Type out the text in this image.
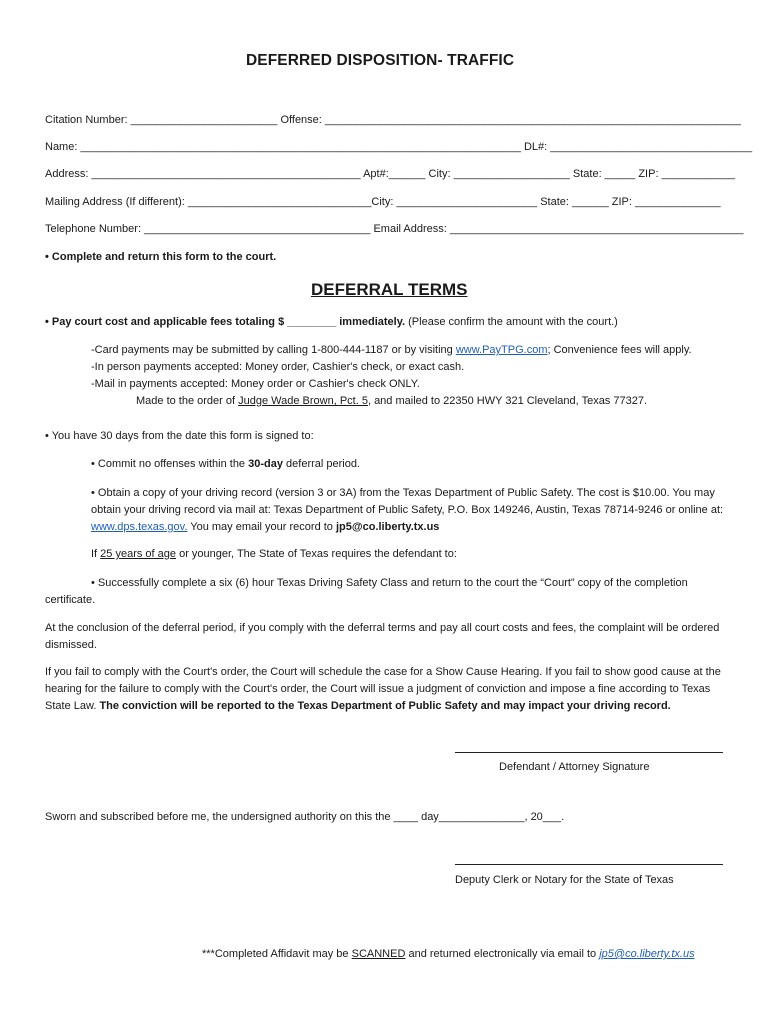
DEFERRED DISPOSITION- TRAFFIC
Citation Number: ________________________ Offense: ____________________________________________________________________
Name: ________________________________________________________________________ DL#: _________________________________
Address: ____________________________________________ Apt#:______ City: ___________________ State: _____ ZIP: ____________
Mailing Address (If different): ______________________________City: _______________________ State: ______ ZIP: ______________
Telephone Number: _____________________________________ Email Address: ________________________________________________
• Complete and return this form to the court.
DEFERRAL TERMS
• Pay court cost and applicable fees totaling $ ________ immediately. (Please confirm the amount with the court.)
-Card payments may be submitted by calling 1-800-444-1187 or by visiting www.PayTPG.com; Convenience fees will apply.
-In person payments accepted: Money order, Cashier's check, or exact cash.
-Mail in payments accepted: Money order or Cashier's check ONLY.
Made to the order of Judge Wade Brown, Pct. 5, and mailed to 22350 HWY 321 Cleveland, Texas 77327.
• You have 30 days from the date this form is signed to:
• Commit no offenses within the 30-day deferral period.
• Obtain a copy of your driving record (version 3 or 3A) from the Texas Department of Public Safety. The cost is $10.00. You may obtain your driving record via mail at: Texas Department of Public Safety, P.O. Box 149246, Austin, Texas 78714-9246 or online at: www.dps.texas.gov. You may email your record to jp5@co.liberty.tx.us
If 25 years of age or younger, The State of Texas requires the defendant to:
• Successfully complete a six (6) hour Texas Driving Safety Class and return to the court the “Court” copy of the completion certificate.
At the conclusion of the deferral period, if you comply with the deferral terms and pay all court costs and fees, the complaint will be ordered dismissed.
If you fail to comply with the Court's order, the Court will schedule the case for a Show Cause Hearing. If you fail to show good cause at the hearing for the failure to comply with the Court's order, the Court will issue a judgment of conviction and impose a fine according to Texas State Law. The conviction will be reported to the Texas Department of Public Safety and may impact your driving record.
Defendant / Attorney Signature
Sworn and subscribed before me, the undersigned authority on this the ____ day______________, 20___.
Deputy Clerk or Notary for the State of Texas
***Completed Affidavit may be SCANNED and returned electronically via email to jp5@co.liberty.tx.us
